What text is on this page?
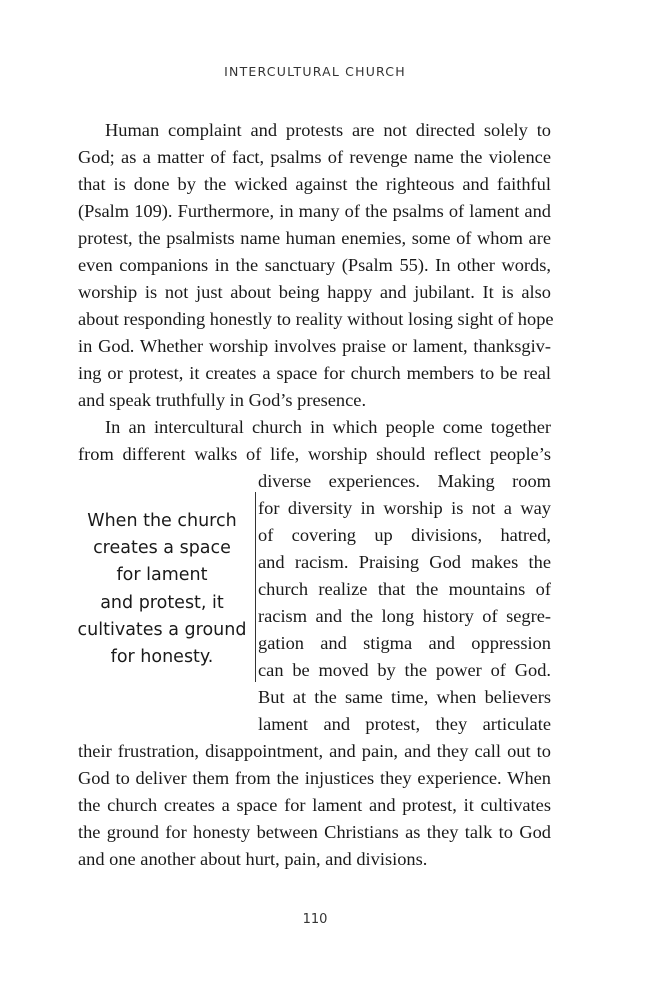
INTERCULTURAL CHURCH
Human complaint and protests are not directed solely to
God; as a matter of fact, psalms of revenge name the violence
that is done by the wicked against the righteous and faithful
(Psalm 109). Furthermore, in many of the psalms of lament and
protest, the psalmists name human enemies, some of whom are
even companions in the sanctuary (Psalm 55). In other words,
worship is not just about being happy and jubilant. It is also
about responding honestly to reality without losing sight of hope
in God. Whether worship involves praise or lament, thanksgiv-
ing or protest, it creates a space for church members to be real
and speak truthfully in God’s presence.
In an intercultural church in which people come together
from different walks of life, worship should reflect people’s
diverse experiences. Making room
for diversity in worship is not a way
of covering up divisions, hatred,
and racism. Praising God makes the
church realize that the mountains of
racism and the long history of segre-
gation and stigma and oppression
can be moved by the power of God.
But at the same time, when believers
lament and protest, they articulate
their frustration, disappointment, and pain, and they call out to
God to deliver them from the injustices they experience. When
the church creates a space for lament and protest, it cultivates
the ground for honesty between Christians as they talk to God
and one another about hurt, pain, and divisions.
When the church
creates a space
for lament
and protest, it
cultivates a ground
for honesty.
110
